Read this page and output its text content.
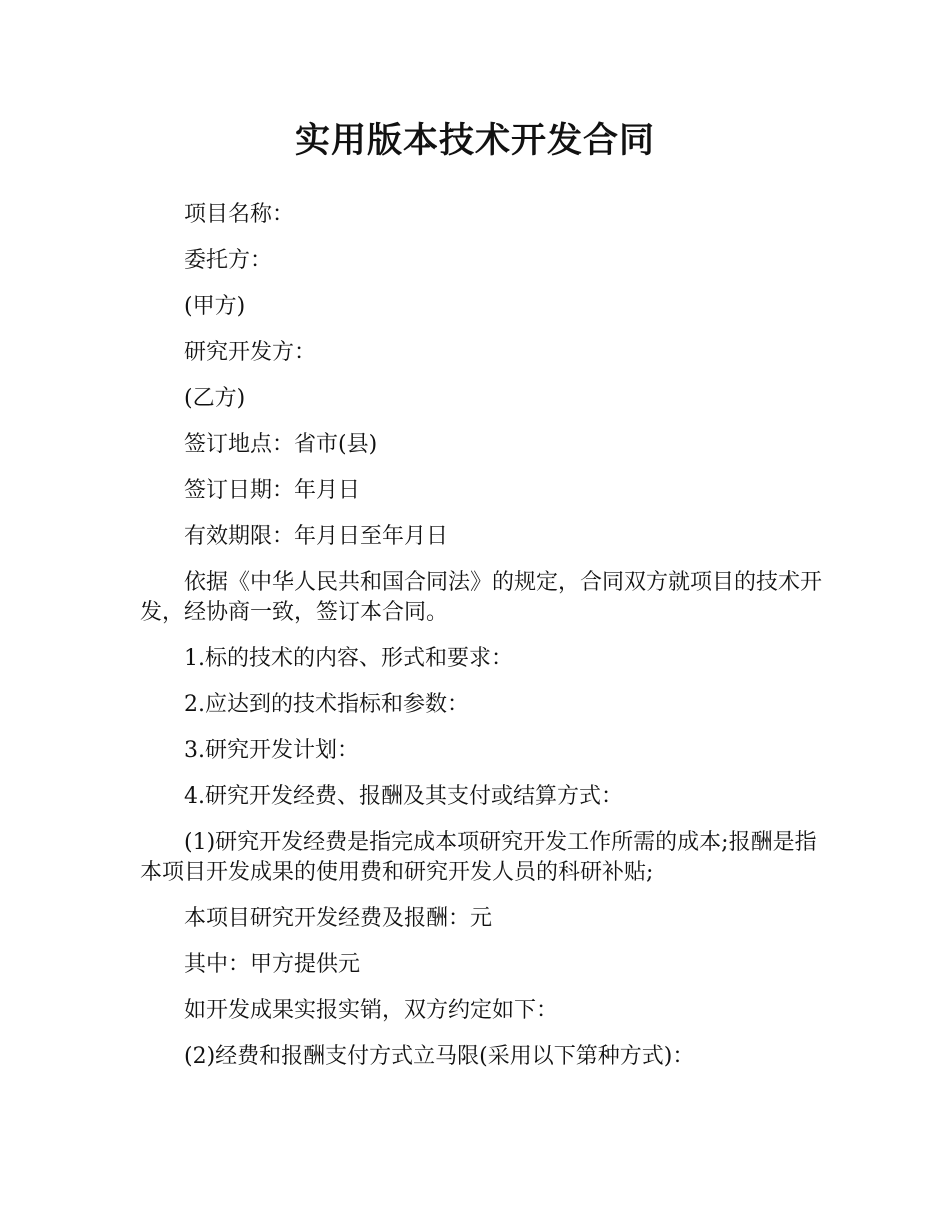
实用版本技术开发合同

项目名称：

委托方：

(甲方)

研究开发方：

(乙方)

签订地点：省市(县)

签订日期：年月日

有效期限：年月日至年月日

依据《中华人民共和国合同法》的规定，合同双方就项目的技术开发，经协商一致，签订本合同。

1.标的技术的内容、形式和要求：

2.应达到的技术指标和参数：

3.研究开发计划：

4.研究开发经费、报酬及其支付或结算方式：

(1)研究开发经费是指完成本项研究开发工作所需的成本;报酬是指本项目开发成果的使用费和研究开发人员的科研补贴;

本项目研究开发经费及报酬：元

其中：甲方提供元

如开发成果实报实销，双方约定如下：

(2)经费和报酬支付方式立马限(采用以下第种方式)：
